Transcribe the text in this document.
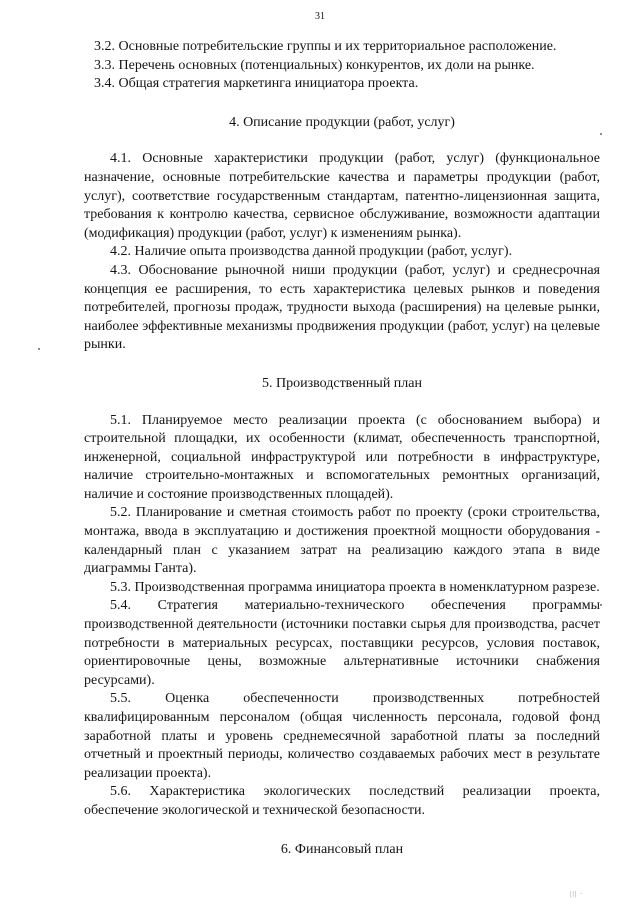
31

3.2. Основные потребительские группы и их территориальное расположение.

3.3. Перечень основных (потенциальных) конкурентов, их доли на рынке.

3.4. Общая стратегия маркетинга инициатора проекта.

4. Описание продукции (работ, услуг)

4.1. Основные характеристики продукции (работ, услуг) (функциональное назначение, основные потребительские качества и параметры продукции (работ, услуг), соответствие государственным стандартам, патентно-лицензионная защита, требования к контролю качества, сервисное обслуживание, возможности адаптации (модификация) продукции (работ, услуг) к изменениям рынка).

4.2. Наличие опыта производства данной продукции (работ, услуг).

4.3. Обоснование рыночной ниши продукции (работ, услуг) и среднесрочная концепция ее расширения, то есть характеристика целевых рынков и поведения потребителей, прогнозы продаж, трудности выхода (расширения) на целевые рынки, наиболее эффективные механизмы продвижения продукции (работ, услуг) на целевые рынки.

5. Производственный план

5.1. Планируемое место реализации проекта (с обоснованием выбора) и строительной площадки, их особенности (климат, обеспеченность транспортной, инженерной, социальной инфраструктурой или потребности в инфраструктуре, наличие строительно-монтажных и вспомогательных ремонтных организаций, наличие и состояние производственных площадей).

5.2. Планирование и сметная стоимость работ по проекту (сроки строительства, монтажа, ввода в эксплуатацию и достижения проектной мощности оборудования - календарный план с указанием затрат на реализацию каждого этапа в виде диаграммы Ганта).

5.3. Производственная программа инициатора проекта в номенклатурном разрезе.

5.4. Стратегия материально-технического обеспечения программы производственной деятельности (источники поставки сырья для производства, расчет потребности в материальных ресурсах, поставщики ресурсов, условия поставок, ориентировочные цены, возможные альтернативные источники снабжения ресурсами).

5.5. Оценка обеспеченности производственных потребностей квалифицированным персоналом (общая численность персонала, годовой фонд заработной платы и уровень среднемесячной заработной платы за последний отчетный и проектный периоды, количество создаваемых рабочих мест в результате реализации проекта).

5.6. Характеристика экологических последствий реализации проекта, обеспечение экологической и технической безопасности.

6. Финансовый план
||| ·
